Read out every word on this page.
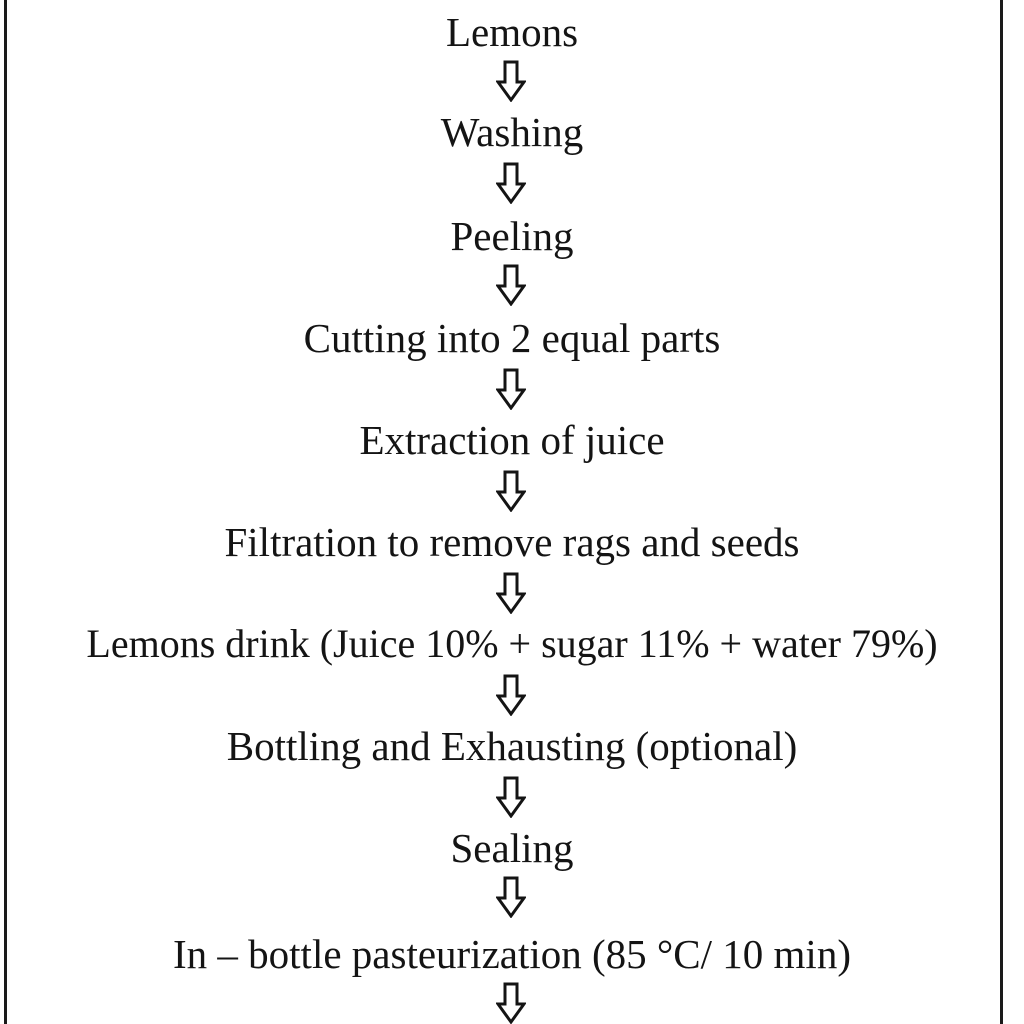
Lemons
Washing
Peeling
Cutting into 2 equal parts
Extraction of juice
Filtration to remove rags and seeds
Lemons drink (Juice 10% + sugar 11% + water 79%)
Bottling and Exhausting (optional)
Sealing
In – bottle pasteurization (85 °C/ 10 min)
